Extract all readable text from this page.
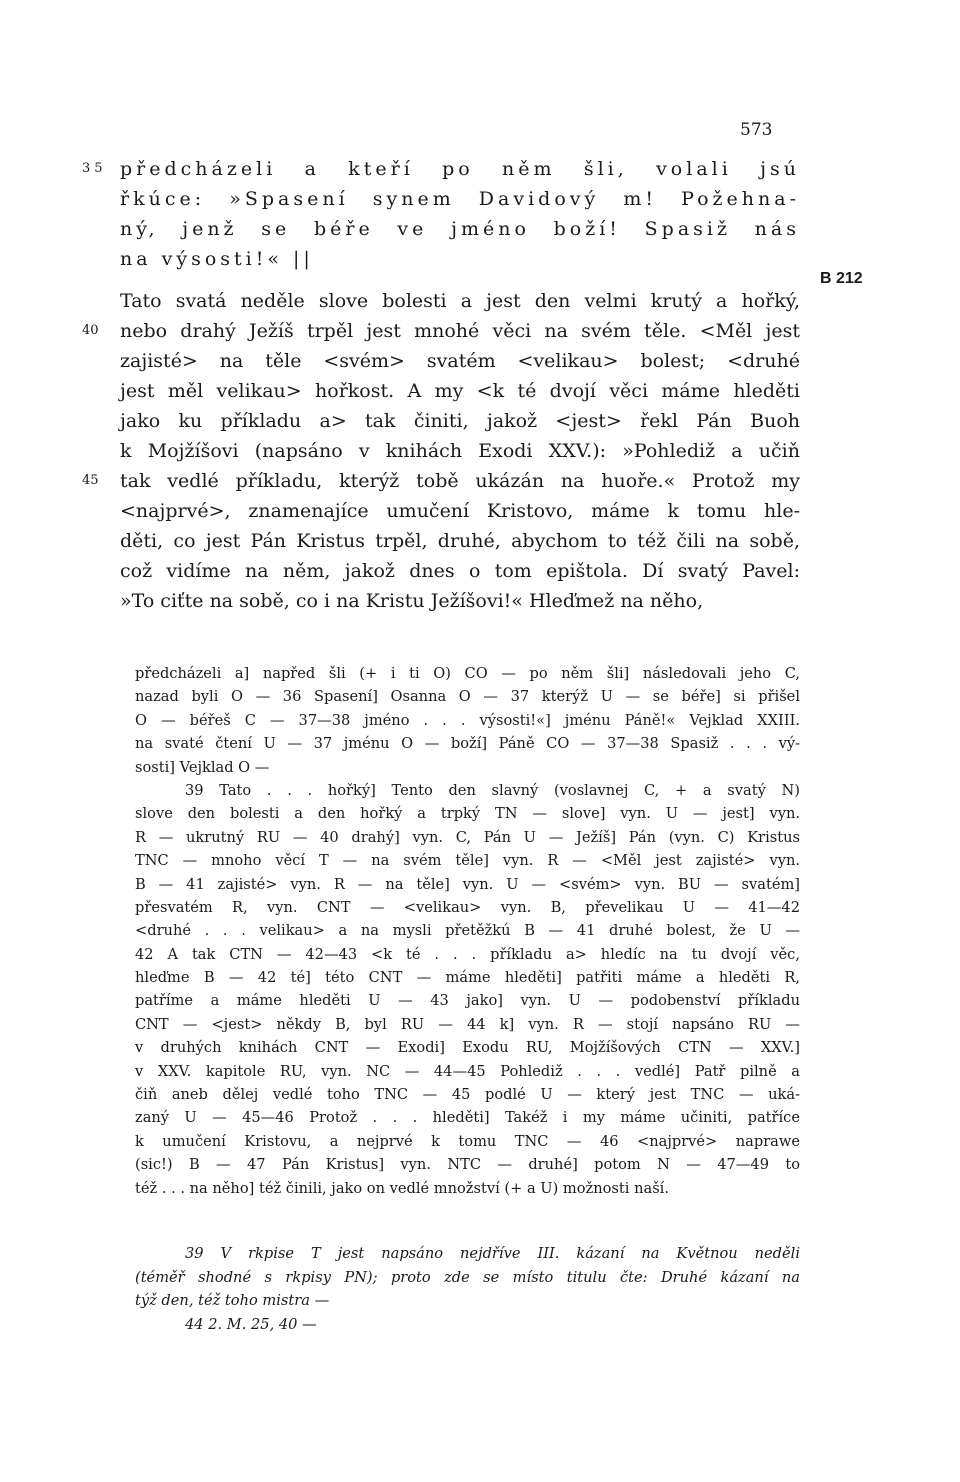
573
B 212
35 předcházeli a kteří po něm šli, volali jsú
řkúce: »Spasení synem Davidový m! Požehna-
ný, jenž se béře ve jméno boží! Spasiž nás
na výsosti!« ||
Tato svatá neděle slove bolesti a jest den velmi krutý a hořký,
40	nebo drahý Ježíš trpěl jest mnohé věci na svém těle. <Měl jest
zajisté> na těle <svém> svatém <velikau> bolest; <druhé
jest měl velikau> hořkost. A my <k té dvojí věci máme hleděti
jako ku příkladu a> tak činiti, jakož <jest> řekl Pán Buoh
k Mojžíšovi (napsáno v knihách Exodi XXV.): »Pohlediž a učiň
45	tak vedlé příkladu, kterýž tobě ukázán na huoře.« Protož my
<najprvé>, znamenajíce umučení Kristovo, máme k tomu hle-
děti, co jest Pán Kristus trpěl, druhé, abychom to též čili na sobě,
což vidíme na něm, jakož dnes o tom epištola. Dí svatý Pavel:
»To ciťte na sobě, co i na Kristu Ježíšovi!« Hleďmež na něho,
předcházeli a] napřed šli (+ i ti O) CO — po něm šli] následovali jeho C,
nazad byli O — 36 Spasení] Osanna O — 37 kterýž U — se béře] si přišel
O — béřeš C — 37—38 jméno . . . výsosti!«] jménu Páně!« Vejklad XXIII.
na svaté čtení U — 37 jménu O — boží] Páně CO — 37—38 Spasiž . . . vý-
sosti] Vejklad O —
39 Tato . . . hořký] Tento den slavný (voslavnej C, + a svatý N)
slove den bolesti a den hořký a trpký TN — slove] vyn. U — jest] vyn.
R — ukrutný RU — 40 drahý] vyn. C, Pán U — Ježíš] Pán (vyn. C) Kristus
TNC — mnoho věcí T — na svém těle] vyn. R — <Měl jest zajisté> vyn.
B — 41 zajisté> vyn. R — na těle] vyn. U — <svém> vyn. BU — svatém]
přesvatém R, vyn. CNT — <velikau> vyn. B, převelikau U — 41—42
<druhé . . . velikau> a na mysli přetěžkú B — 41 druhé bolest, že U —
42 A tak CTN — 42—43 <k té . . . příkladu a> hledíc na tu dvojí věc,
hleďme B — 42 té] této CNT — máme hleděti] patřiti máme a hleděti R,
patříme a máme hleděti U — 43 jako] vyn. U — podobenství příkladu
CNT — <jest> někdy B, byl RU — 44 k] vyn. R — stojí napsáno RU —
v druhých knihách CNT — Exodi] Exodu RU, Mojžíšových CTN — XXV.]
v XXV. kapitole RU, vyn. NC — 44—45 Pohlediž . . . vedlé] Patř pilně a
čiň aneb dělej vedlé toho TNC — 45 podlé U — který jest TNC — uká-
zaný U — 45—46 Protož . . . hleděti] Takéž i my máme učiniti, patříce
k umučení Kristovu, a nejprvé k tomu TNC — 46 <najprvé> naprawe
(sic!) B — 47 Pán Kristus] vyn. NTC — druhé] potom N — 47—49 to
též . . . na něho] též činili, jako on vedlé množství (+ a U) možnosti naší.
39 V rkpise T jest napsáno nejdříve III. kázaní na Květnou neděli
(téměř shodné s rkpisy PN); proto zde se místo titulu čte: Druhé kázaní na
týž den, též toho mistra —
44 2. M. 25, 40 —
